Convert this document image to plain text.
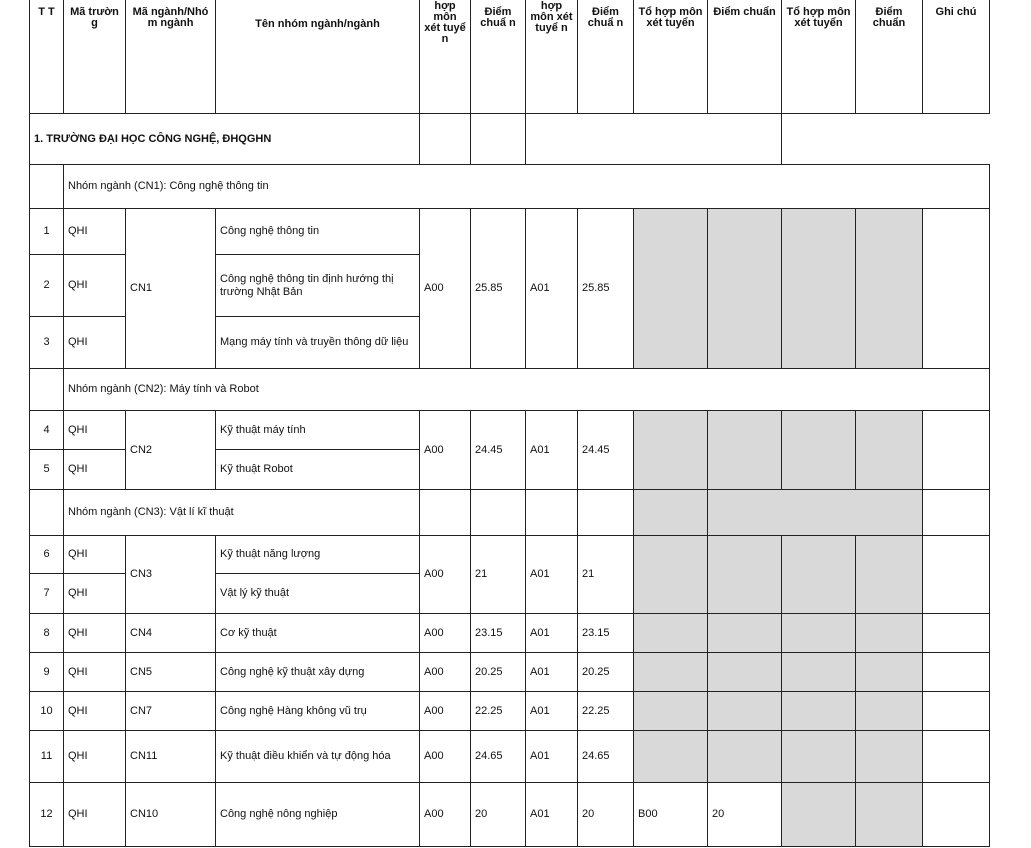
T T	Mã trườn g	Mã ngành/Nhó m ngành	Tên nhóm ngành/ngành	hợp môn xét tuyể n	Điểm chuẩ n	hợp môn xét tuyể n	Điểm chuẩ n	Tổ hợp môn xét tuyển	Điểm chuẩn	Tổ hợp môn xét tuyển	Điểm chuẩn	Ghi chú
1. TRƯỜNG ĐẠI HỌC CÔNG NGHỆ, ĐHQGHN												
	Nhóm ngành (CN1): Công nghệ thông tin											
1	QHI	CN1	Công nghệ thông tin	A00	25.85	A01	25.85					
2	QHI		Công nghệ thông tin định hướng thị trường Nhật Bản									
3	QHI		Mạng máy tính và truyền thông dữ liệu									
	Nhóm ngành (CN2): Máy tính và Robot											
4	QHI	CN2	Kỹ thuật máy tính	A00	24.45	A01	24.45					
5	QHI		Kỹ thuật Robot									
	Nhóm ngành (CN3): Vật lí kĩ thuật											
6	QHI	CN3	Kỹ thuật năng lượng	A00	21	A01	21					
7	QHI		Vật lý kỹ thuật									
8	QHI	CN4	Cơ kỹ thuật	A00	23.15	A01	23.15					
9	QHI	CN5	Công nghệ kỹ thuật xây dựng	A00	20.25	A01	20.25					
10	QHI	CN7	Công nghệ Hàng không vũ trụ	A00	22.25	A01	22.25					
11	QHI	CN11	Kỹ thuật điều khiển và tự động hóa	A00	24.65	A01	24.65					
12	QHI	CN10	Công nghệ nông nghiệp	A00	20	A01	20	B00	20			
